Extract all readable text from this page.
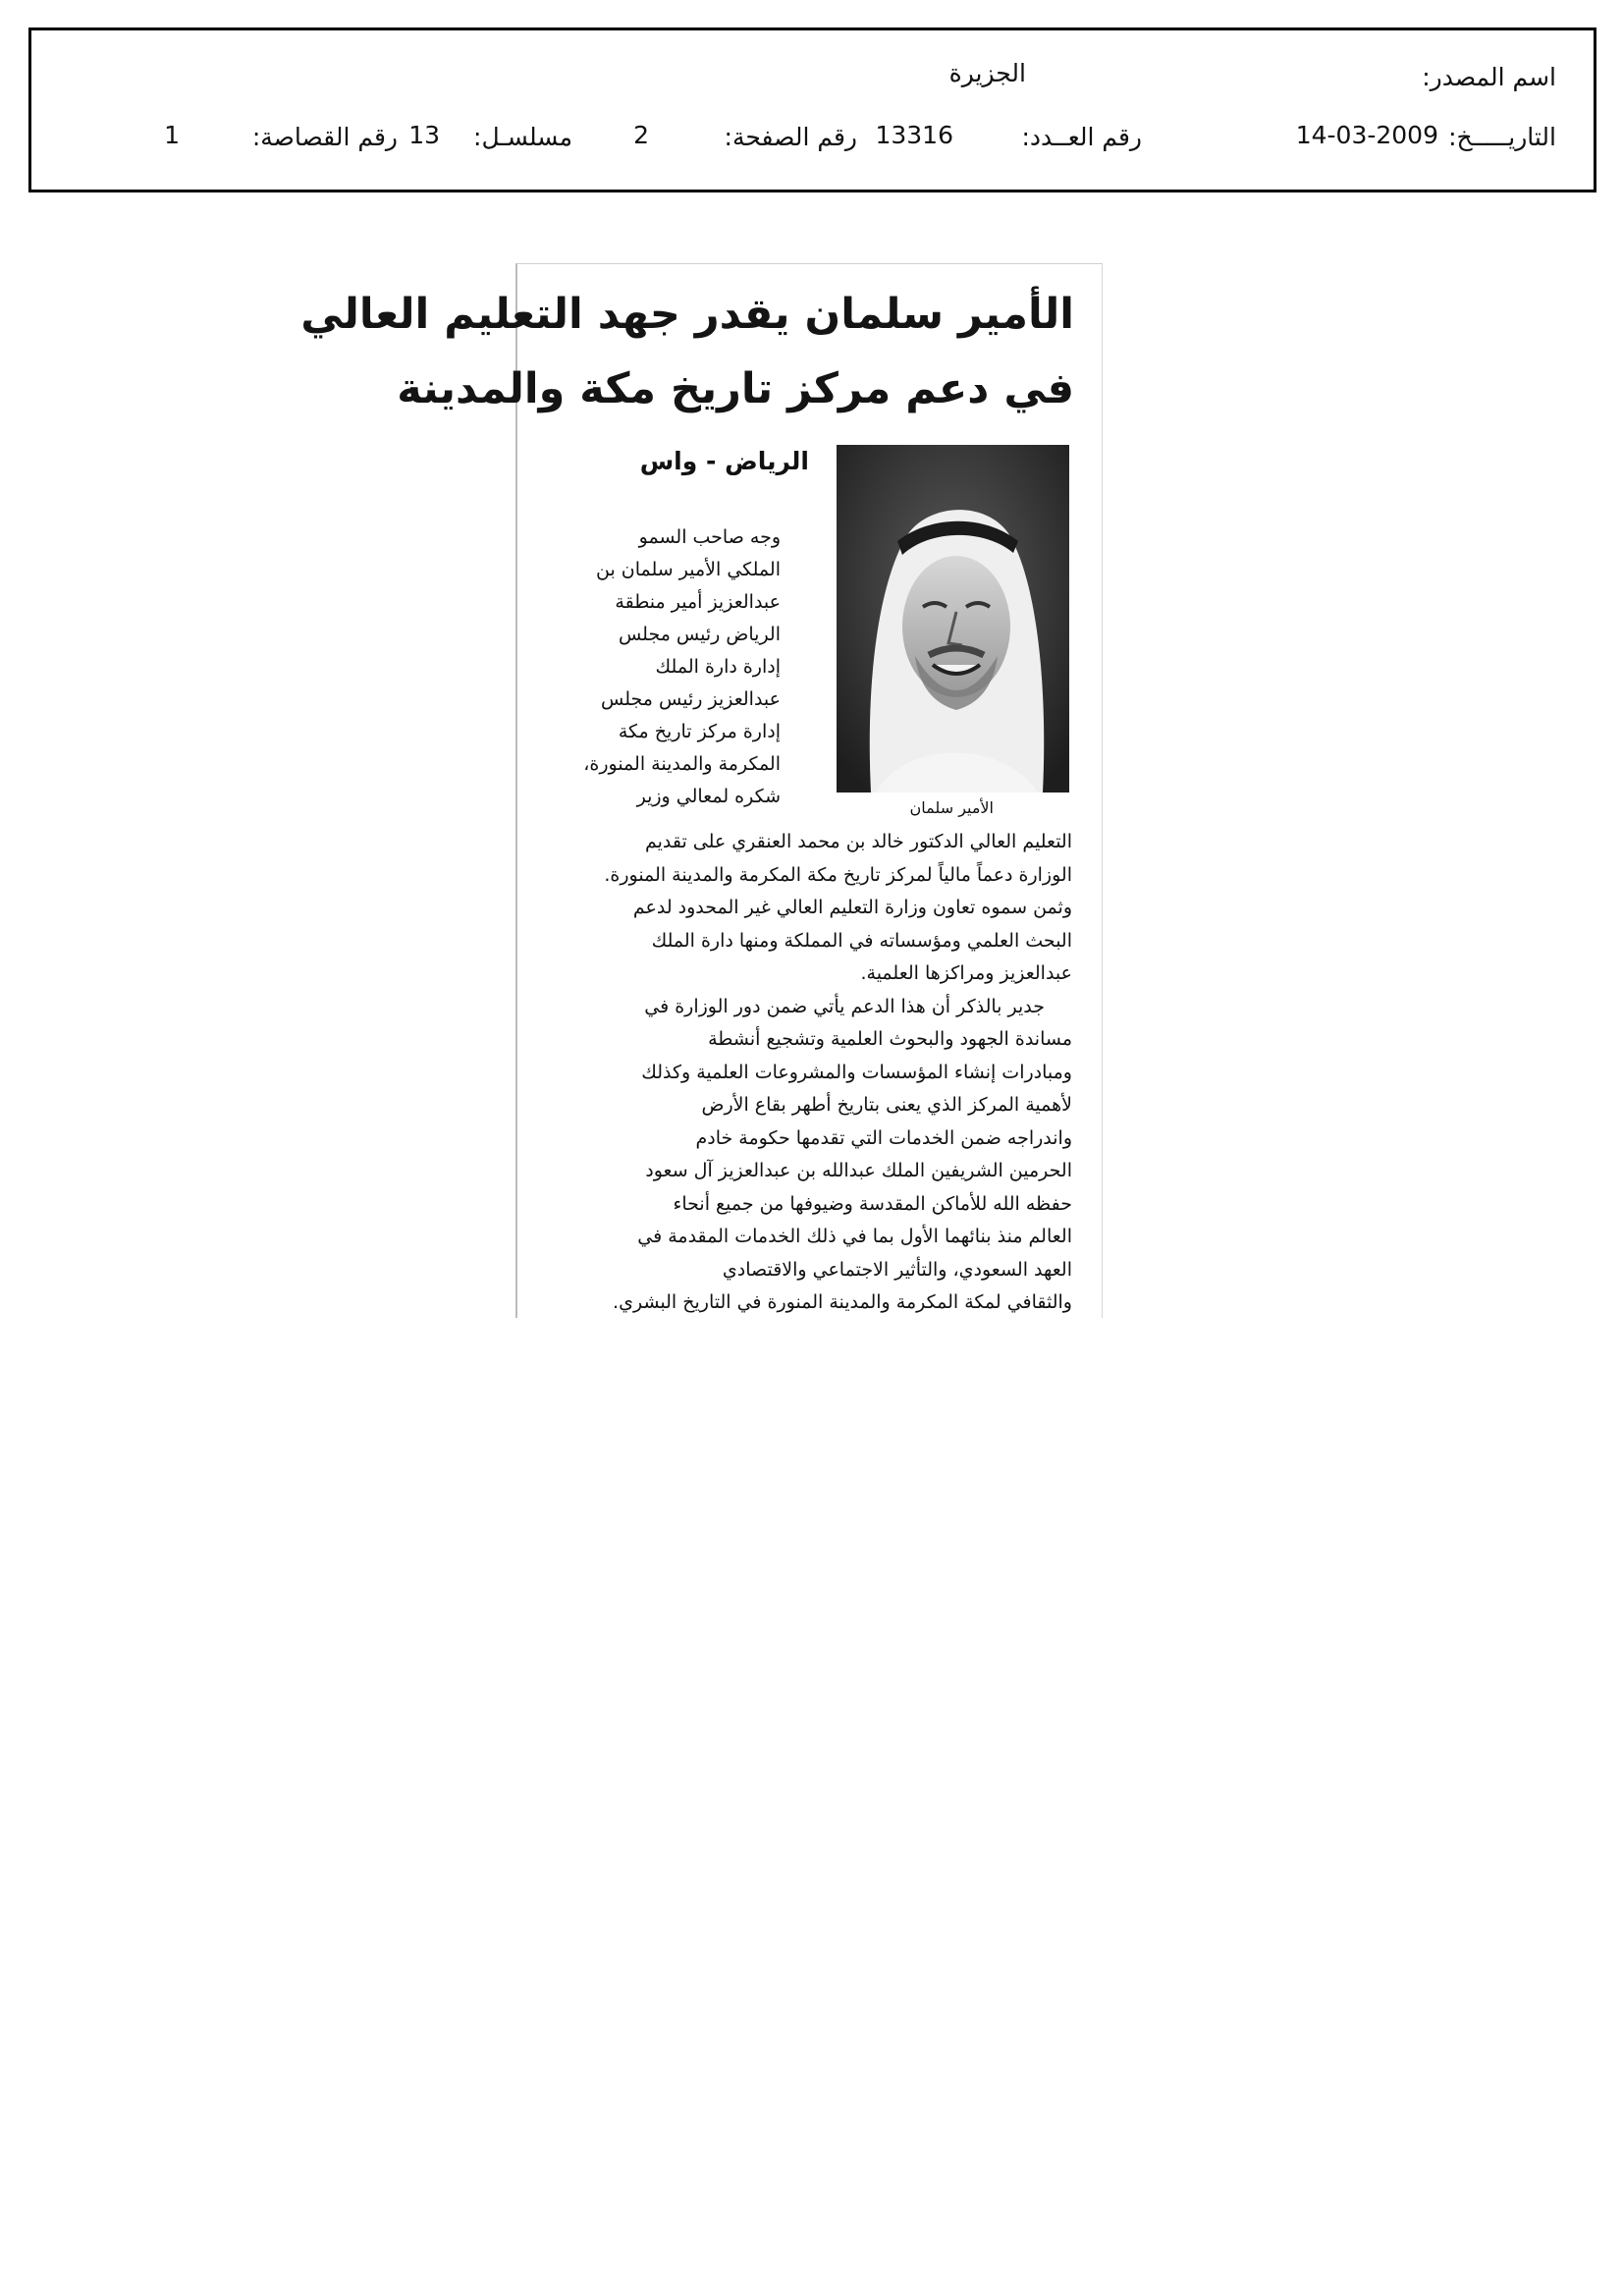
اسم المصدر:
الجزيرة
التاريـــــخ:
14-03-2009
رقم العــدد:
13316
رقم الصفحة:
2
مسلسـل:
13
رقم القصاصة:
1
الأمير سلمان يقدر جهد التعليم العالي
في دعم مركز تاريخ مكة والمدينة
الرياض - واس
الأمير سلمان
وجه صاحب السمو
الملكي الأمير سلمان بن
عبدالعزيز أمير منطقة
الرياض رئيس مجلس
إدارة دارة الملك
عبدالعزيز رئيس مجلس
إدارة مركز تاريخ مكة
المكرمة والمدينة المنورة،
شكره لمعالي وزير
التعليم العالي الدكتور خالد بن محمد العنقري على تقديم
الوزارة دعماً مالياً لمركز تاريخ مكة المكرمة والمدينة المنورة.
وثمن سموه تعاون وزارة التعليم العالي غير المحدود لدعم
البحث العلمي ومؤسساته في المملكة ومنها دارة الملك
عبدالعزيز ومراكزها العلمية.
جدير بالذكر أن هذا الدعم يأتي ضمن دور الوزارة في
مساندة الجهود والبحوث العلمية وتشجيع أنشطة
ومبادرات إنشاء المؤسسات والمشروعات العلمية وكذلك
لأهمية المركز الذي يعنى بتاريخ أطهر بقاع الأرض
واندراجه ضمن الخدمات التي تقدمها حكومة خادم
الحرمين الشريفين الملك عبدالله بن عبدالعزيز آل سعود
حفظه الله للأماكن المقدسة وضيوفها من جميع أنحاء
العالم منذ بنائهما الأول بما في ذلك الخدمات المقدمة في
العهد السعودي، والتأثير الاجتماعي والاقتصادي
والثقافي لمكة المكرمة والمدينة المنورة في التاريخ البشري.
